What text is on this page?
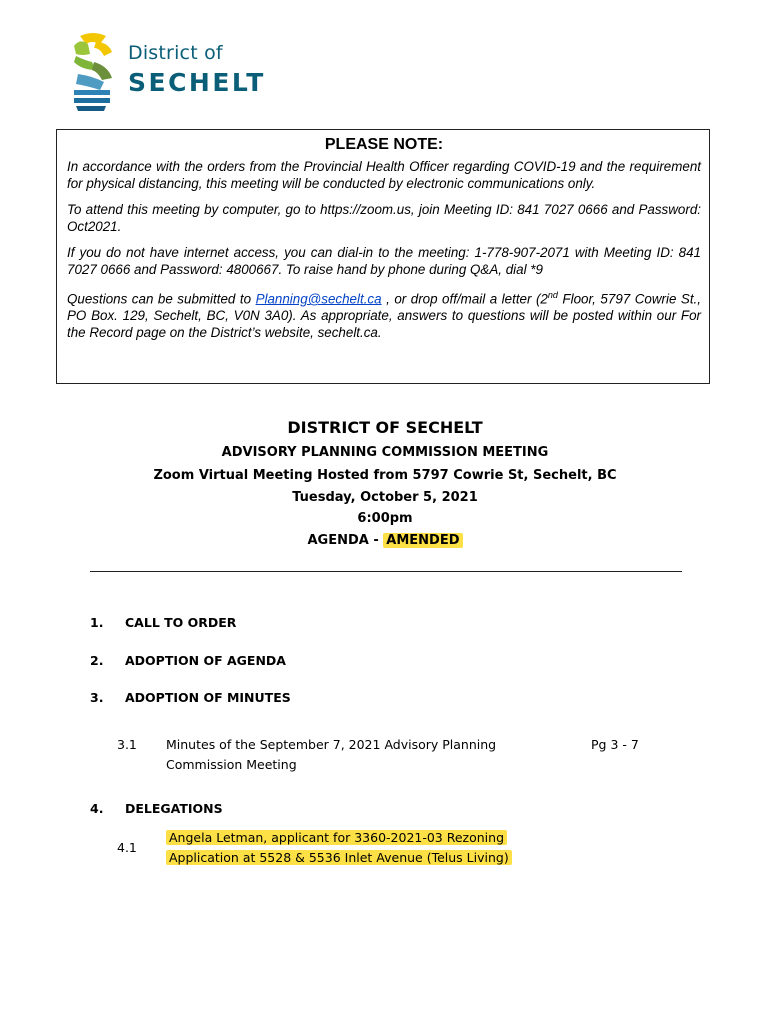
District of
SECHELT
PLEASE NOTE:

In accordance with the orders from the Provincial Health Officer regarding COVID-19 and the requirement for physical distancing, this meeting will be conducted by electronic communications only.

To attend this meeting by computer, go to https://zoom.us, join Meeting ID: 841 7027 0666 and Password: Oct2021.

If you do not have internet access, you can dial-in to the meeting: 1-778-907-2071 with Meeting ID: 841 7027 0666 and Password: 4800667. To raise hand by phone during Q&A, dial *9

Questions can be submitted to Planning@sechelt.ca , or drop off/mail a letter (2nd Floor, 5797 Cowrie St., PO Box. 129, Sechelt, BC, V0N 3A0). As appropriate, answers to questions will be posted within our For the Record page on the District’s website, sechelt.ca.

DISTRICT OF SECHELT
ADVISORY PLANNING COMMISSION MEETING
Zoom Virtual Meeting Hosted from 5797 Cowrie St, Sechelt, BC
Tuesday, October 5, 2021
6:00pm
AGENDA - AMENDED
1. CALL TO ORDER
2. ADOPTION OF AGENDA
3. ADOPTION OF MINUTES
3.1 Minutes of the September 7, 2021 Advisory Planning
Commission Meeting
Pg 3 - 7
4. DELEGATIONS
4.1
Angela Letman, applicant for 3360-2021-03 Rezoning
Application at 5528 & 5536 Inlet Avenue (Telus Living)
